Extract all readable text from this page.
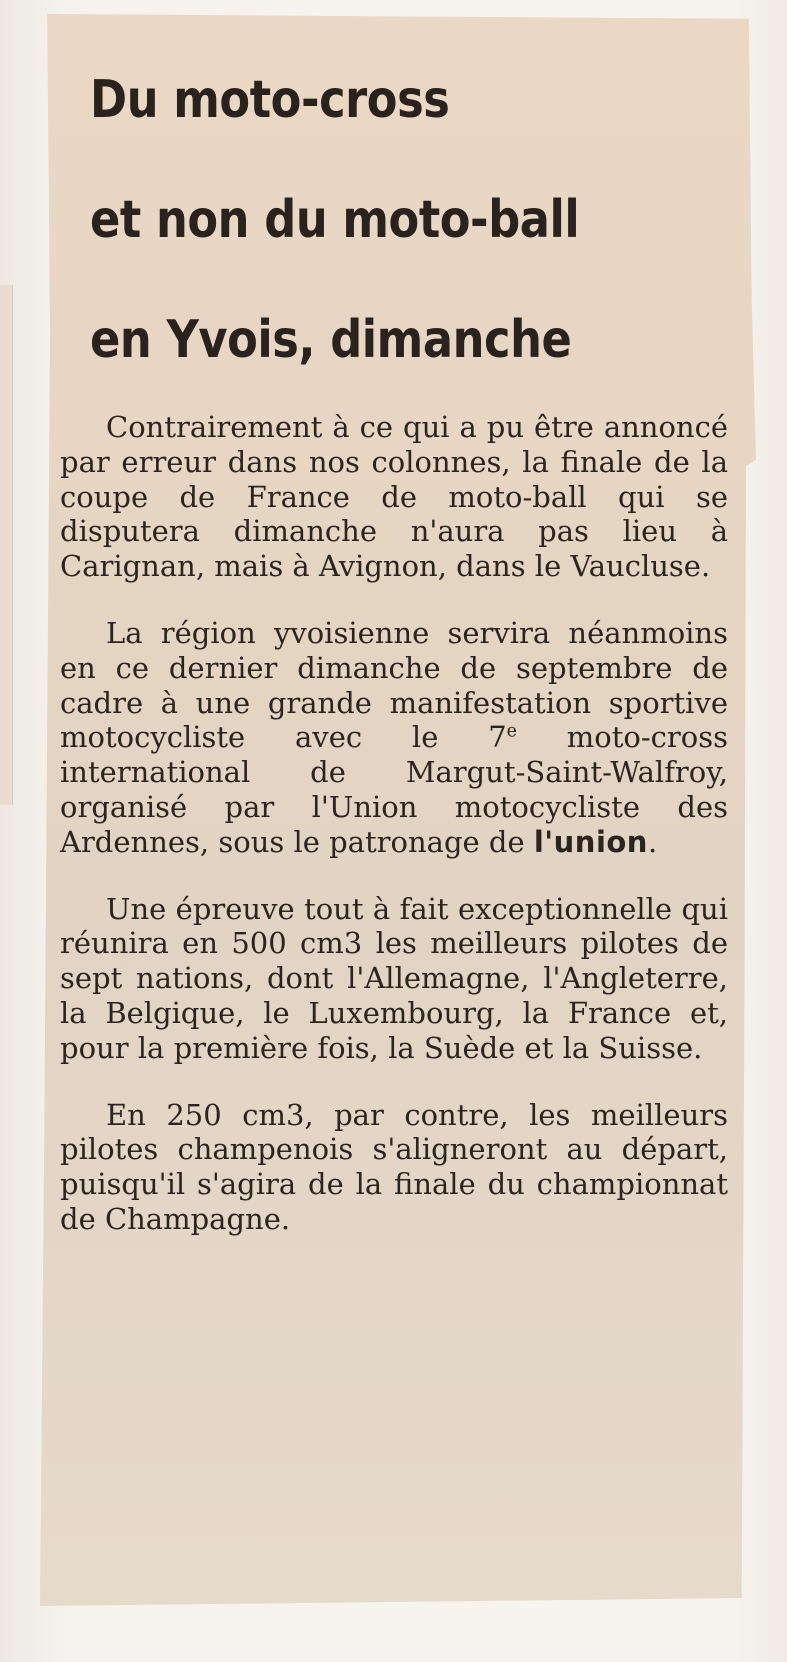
Du moto-cross
et non du moto-ball
en Yvois, dimanche

Contrairement à ce qui a pu être annoncé par erreur dans nos colonnes, la finale de la coupe de France de moto-ball qui se disputera dimanche n'aura pas lieu à Carignan, mais à Avignon, dans le Vaucluse.

La région yvoisienne servira néanmoins en ce dernier dimanche de septembre de cadre à une grande manifestation sportive motocycliste avec le 7e moto-cross international de Margut-Saint-Walfroy, organisé par l'Union motocycliste des Ardennes, sous le patronage de l'union.

Une épreuve tout à fait exceptionnelle qui réunira en 500 cm3 les meilleurs pilotes de sept nations, dont l'Allemagne, l'Angleterre, la Belgique, le Luxembourg, la France et, pour la première fois, la Suède et la Suisse.

En 250 cm3, par contre, les meilleurs pilotes champenois s'aligneront au départ, puisqu'il s'agira de la finale du championnat de Champagne.
